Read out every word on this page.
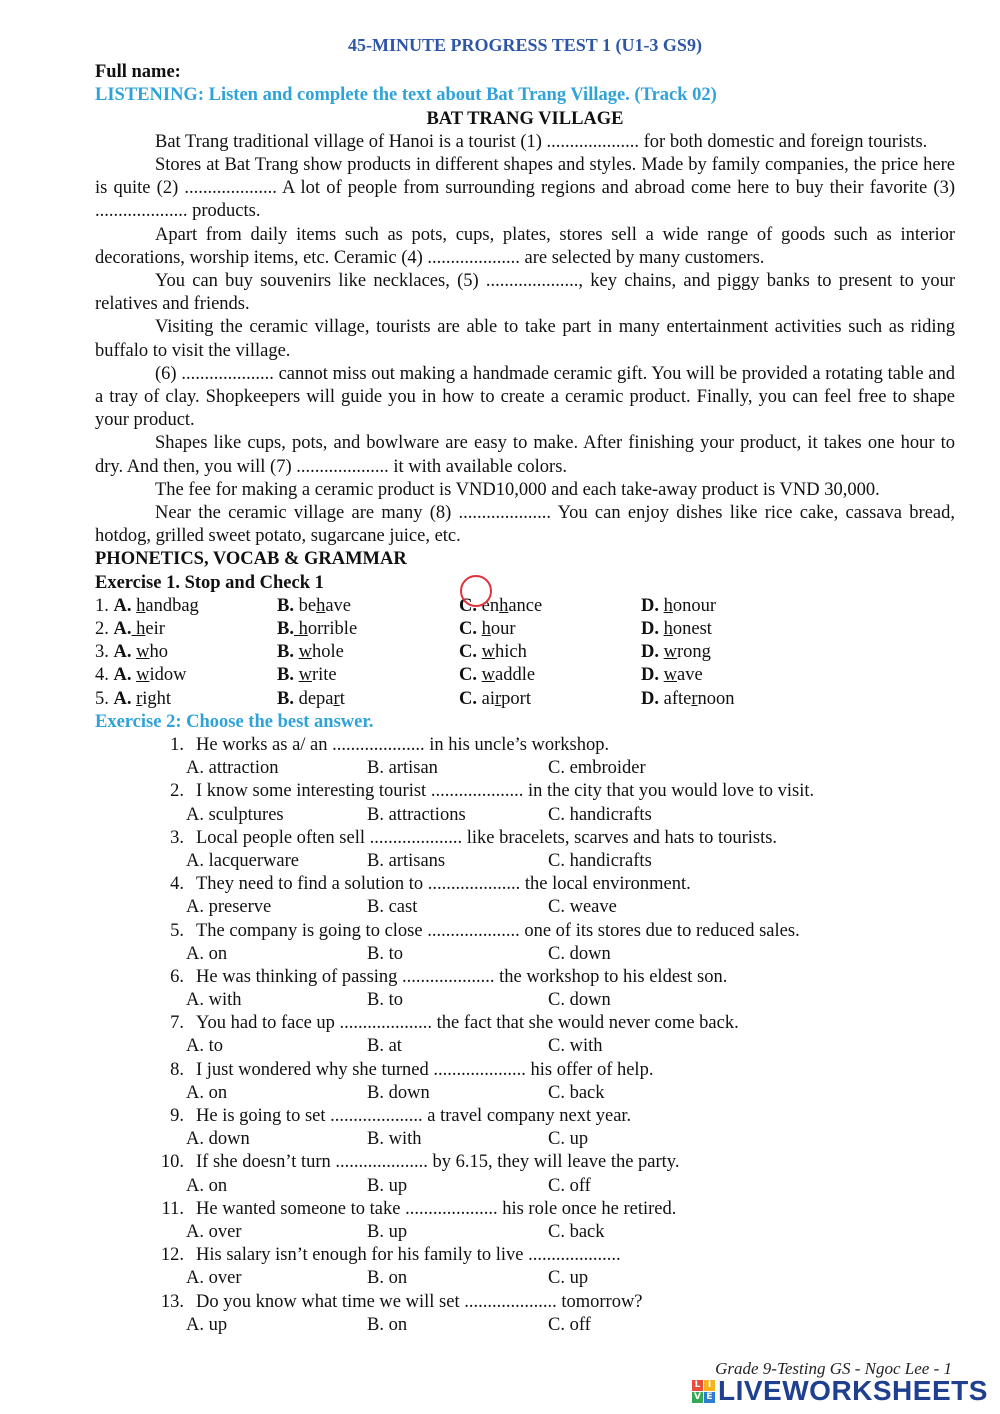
45-MINUTE PROGRESS TEST 1 (U1-3 GS9)
Full name:
LISTENING: Listen and complete the text about Bat Trang Village. (Track 02)
BAT TRANG VILLAGE

Bat Trang traditional village of Hanoi is a tourist (1) .................... for both domestic and foreign tourists.

Stores at Bat Trang show products in different shapes and styles. Made by family companies, the price here is quite (2) .................... A lot of people from surrounding regions and abroad come here to buy their favorite (3) .................... products.

Apart from daily items such as pots, cups, plates, stores sell a wide range of goods such as interior decorations, worship items, etc. Ceramic (4) .................... are selected by many customers.

You can buy souvenirs like necklaces, (5) ...................., key chains, and piggy banks to present to your relatives and friends.

Visiting the ceramic village, tourists are able to take part in many entertainment activities such as riding buffalo to visit the village.

(6) .................... cannot miss out making a handmade ceramic gift. You will be provided a rotating table and a tray of clay. Shopkeepers will guide you in how to create a ceramic product. Finally, you can feel free to shape your product.

Shapes like cups, pots, and bowlware are easy to make. After finishing your product, it takes one hour to dry. And then, you will (7) .................... it with available colors.

The fee for making a ceramic product is VND10,000 and each take-away product is VND 30,000.

Near the ceramic village are many (8) .................... You can enjoy dishes like rice cake, cassava bread, hotdog, grilled sweet potato, sugarcane juice, etc.

PHONETICS, VOCAB & GRAMMAR
Exercise 1. Stop and Check 1
1. A. handbag	B. behave	C. enhance	D. honour
2. A. heir	B. horrible	C. hour	D. honest
3. A. who	B. whole	C. which	D. wrong
4. A. widow	B. write	C. waddle	D. wave
5. A. right	B. depart	C. airport	D. afternoon
Exercise 2: Choose the best answer.
1. He works as a/ an .................... in his uncle’s workshop.
A. attraction	B. artisan	C. embroider
2. I know some interesting tourist .................... in the city that you would love to visit.
A. sculptures	B. attractions	C. handicrafts
3. Local people often sell .................... like bracelets, scarves and hats to tourists.
A. lacquerware	B. artisans	C. handicrafts
4. They need to find a solution to .................... the local environment.
A. preserve	B. cast	C. weave
5. The company is going to close .................... one of its stores due to reduced sales.
A. on	B. to	C. down
6. He was thinking of passing .................... the workshop to his eldest son.
A. with	B. to	C. down
7. You had to face up .................... the fact that she would never come back.
A. to	B. at	C. with
8. I just wondered why she turned .................... his offer of help.
A. on	B. down	C. back
9. He is going to set .................... a travel company next year.
A. down	B. with	C. up
10. If she doesn’t turn .................... by 6.15, they will leave the party.
A. on	B. up	C. off
11. He wanted someone to take .................... his role once he retired.
A. over	B. up	C. back
12. His salary isn’t enough for his family to live ....................
A. over	B. on	C. up
13. Do you know what time we will set .................... tomorrow?
A. up	B. on	C. off
Grade 9-Testing GS - Ngoc Lee - 1
L I
V E LIVEWORKSHEETS
